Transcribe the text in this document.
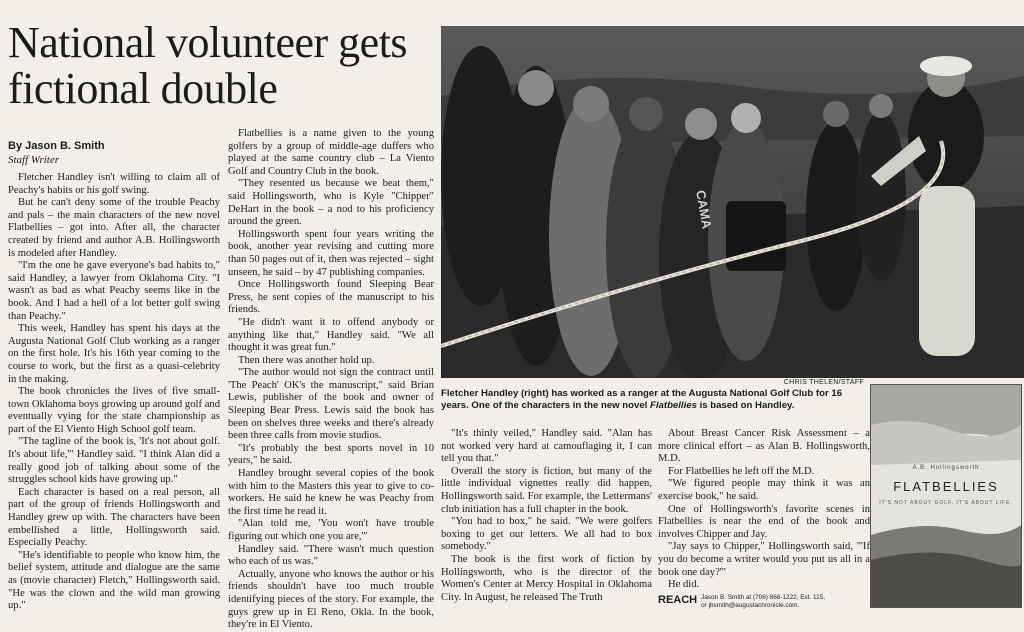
National volunteer gets fictional double
By Jason B. Smith
Staff Writer

Fletcher Handley isn't willing to claim all of Peachy's habits or his golf swing.

But he can't deny some of the trouble Peachy and pals – the main characters of the new novel Flatbellies – got into. After all, the character created by friend and author A.B. Hollingsworth is modeled after Handley.

"I'm the one he gave everyone's bad habits to," said Handley, a lawyer from Oklahoma City. "I wasn't as bad as what Peachy seems like in the book. And I had a hell of a lot better golf swing than Peachy."

This week, Handley has spent his days at the Augusta National Golf Club working as a ranger on the first hole. It's his 16th year coming to the course to work, but the first as a quasi-celebrity in the making.

The book chronicles the lives of five small-town Oklahoma boys growing up around golf and eventually vying for the state championship as part of the El Viento High School golf team.

"The tagline of the book is, 'It's not about golf. It's about life,'" Handley said. "I think Alan did a really good job of talking about some of the struggles school kids have growing up."

Each character is based on a real person, all part of the group of friends Hollingsworth and Handley grew up with. The characters have been embellished a little, Hollingsworth said. Especially Peachy.

"He's identifiable to people who know him, the belief system, attitude and dialogue are the same as (movie character) Fletch," Hollingsworth said. "He was the clown and the wild man growing up."

Flatbellies is a name given to the young golfers by a group of middle-age duffers who played at the same country club – La Viento Golf and Country Club in the book.

"They resented us because we beat them," said Hollingsworth, who is Kyle "Chipper" DeHart in the book – a nod to his proficiency around the green.

Hollingsworth spent four years writing the book, another year revising and cutting more than 50 pages out of it, then was rejected – sight unseen, he said – by 47 publishing companies.

Once Hollingsworth found Sleeping Bear Press, he sent copies of the manuscript to his friends.

"He didn't want it to offend anybody or anything like that," Handley said. "We all thought it was great fun."

Then there was another hold up.

"The author would not sign the contract until 'The Peach' OK's the manuscript," said Brian Lewis, publisher of the book and owner of Sleeping Bear Press. Lewis said the book has been on shelves three weeks and there's already been three calls from movie studios.

"It's probably the best sports novel in 10 years," he said.

Handley brought several copies of the book with him to the Masters this year to give to co-workers. He said he knew he was Peachy from the first time he read it.

"Alan told me, 'You won't have trouble figuring out which one you are,'"

Handley said. "There wasn't much question who each of us was."

Actually, anyone who knows the author or his friends shouldn't have too much trouble identifying pieces of the story. For example, the guys grew up in El Reno, Okla. In the book, they're in El Viento.

CAMA
CHRIS THELEN/STAFF
Fletcher Handley (right) has worked as a ranger at the Augusta National Golf Club for 16 years. One of the characters in the new novel Flatbellies is based on Handley.

"It's thinly veiled," Handley said. "Alan has not worked very hard at camouflaging it, I can tell you that."

Overall the story is fiction, but many of the little individual vignettes really did happen, Hollingsworth said. For example, the Lettermans' club initiation has a full chapter in the book.

"You had to box," he said. "We were golfers boxing to get our letters. We all had to box somebody."

The book is the first work of fiction by Hollingsworth, who is the director of the Women's Center at Mercy Hospital in Oklahoma City. In August, he released The Truth

About Breast Cancer Risk Assessment – a more clinical effort – as Alan B. Hollingsworth, M.D.

For Flatbellies he left off the M.D.

"We figured people may think it was an exercise book," he said.

One of Hollingsworth's favorite scenes in Flatbellies is near the end of the book and involves Chipper and Jay.

"Jay says to Chipper," Hollingsworth said, "'If you do become a writer would you put us all in a book one day?'"

He did.

REACH Jason B. Smith at (706) 868-1222, Ext. 115,
or jbsmith@augustachronicle.com.
A.B. Hollingsworth
FLATBELLIES
IT'S NOT ABOUT GOLF. IT'S ABOUT LIFE.
